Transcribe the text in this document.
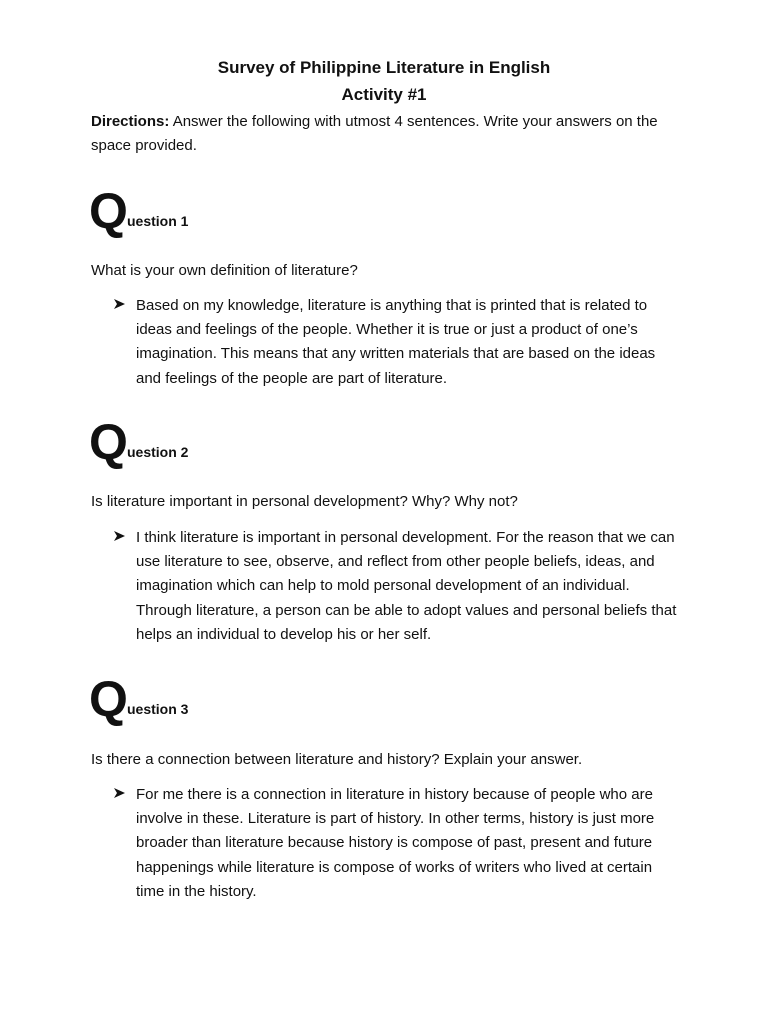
Survey of Philippine Literature in English
Activity #1
Directions: Answer the following with utmost 4 sentences. Write your answers on the space provided.
Q uestion 1
What is your own definition of literature?
Based on my knowledge, literature is anything that is printed that is related to ideas and feelings of the people. Whether it is true or just a product of one’s imagination. This means that any written materials that are based on the ideas and feelings of the people are part of literature.
Q uestion 2
Is literature important in personal development? Why? Why not?
I think literature is important in personal development. For the reason that we can use literature to see, observe, and reflect from other people beliefs, ideas, and imagination which can help to mold personal development of an individual. Through literature, a person can be able to adopt values and personal beliefs that helps an individual to develop his or her self.
Q uestion 3
Is there a connection between literature and history? Explain your answer.
For me there is a connection in literature in history because of people who are involve in these. Literature is part of history. In other terms, history is just more broader than literature because history is compose of past, present and future happenings while literature is compose of works of writers who lived at certain time in the history.
